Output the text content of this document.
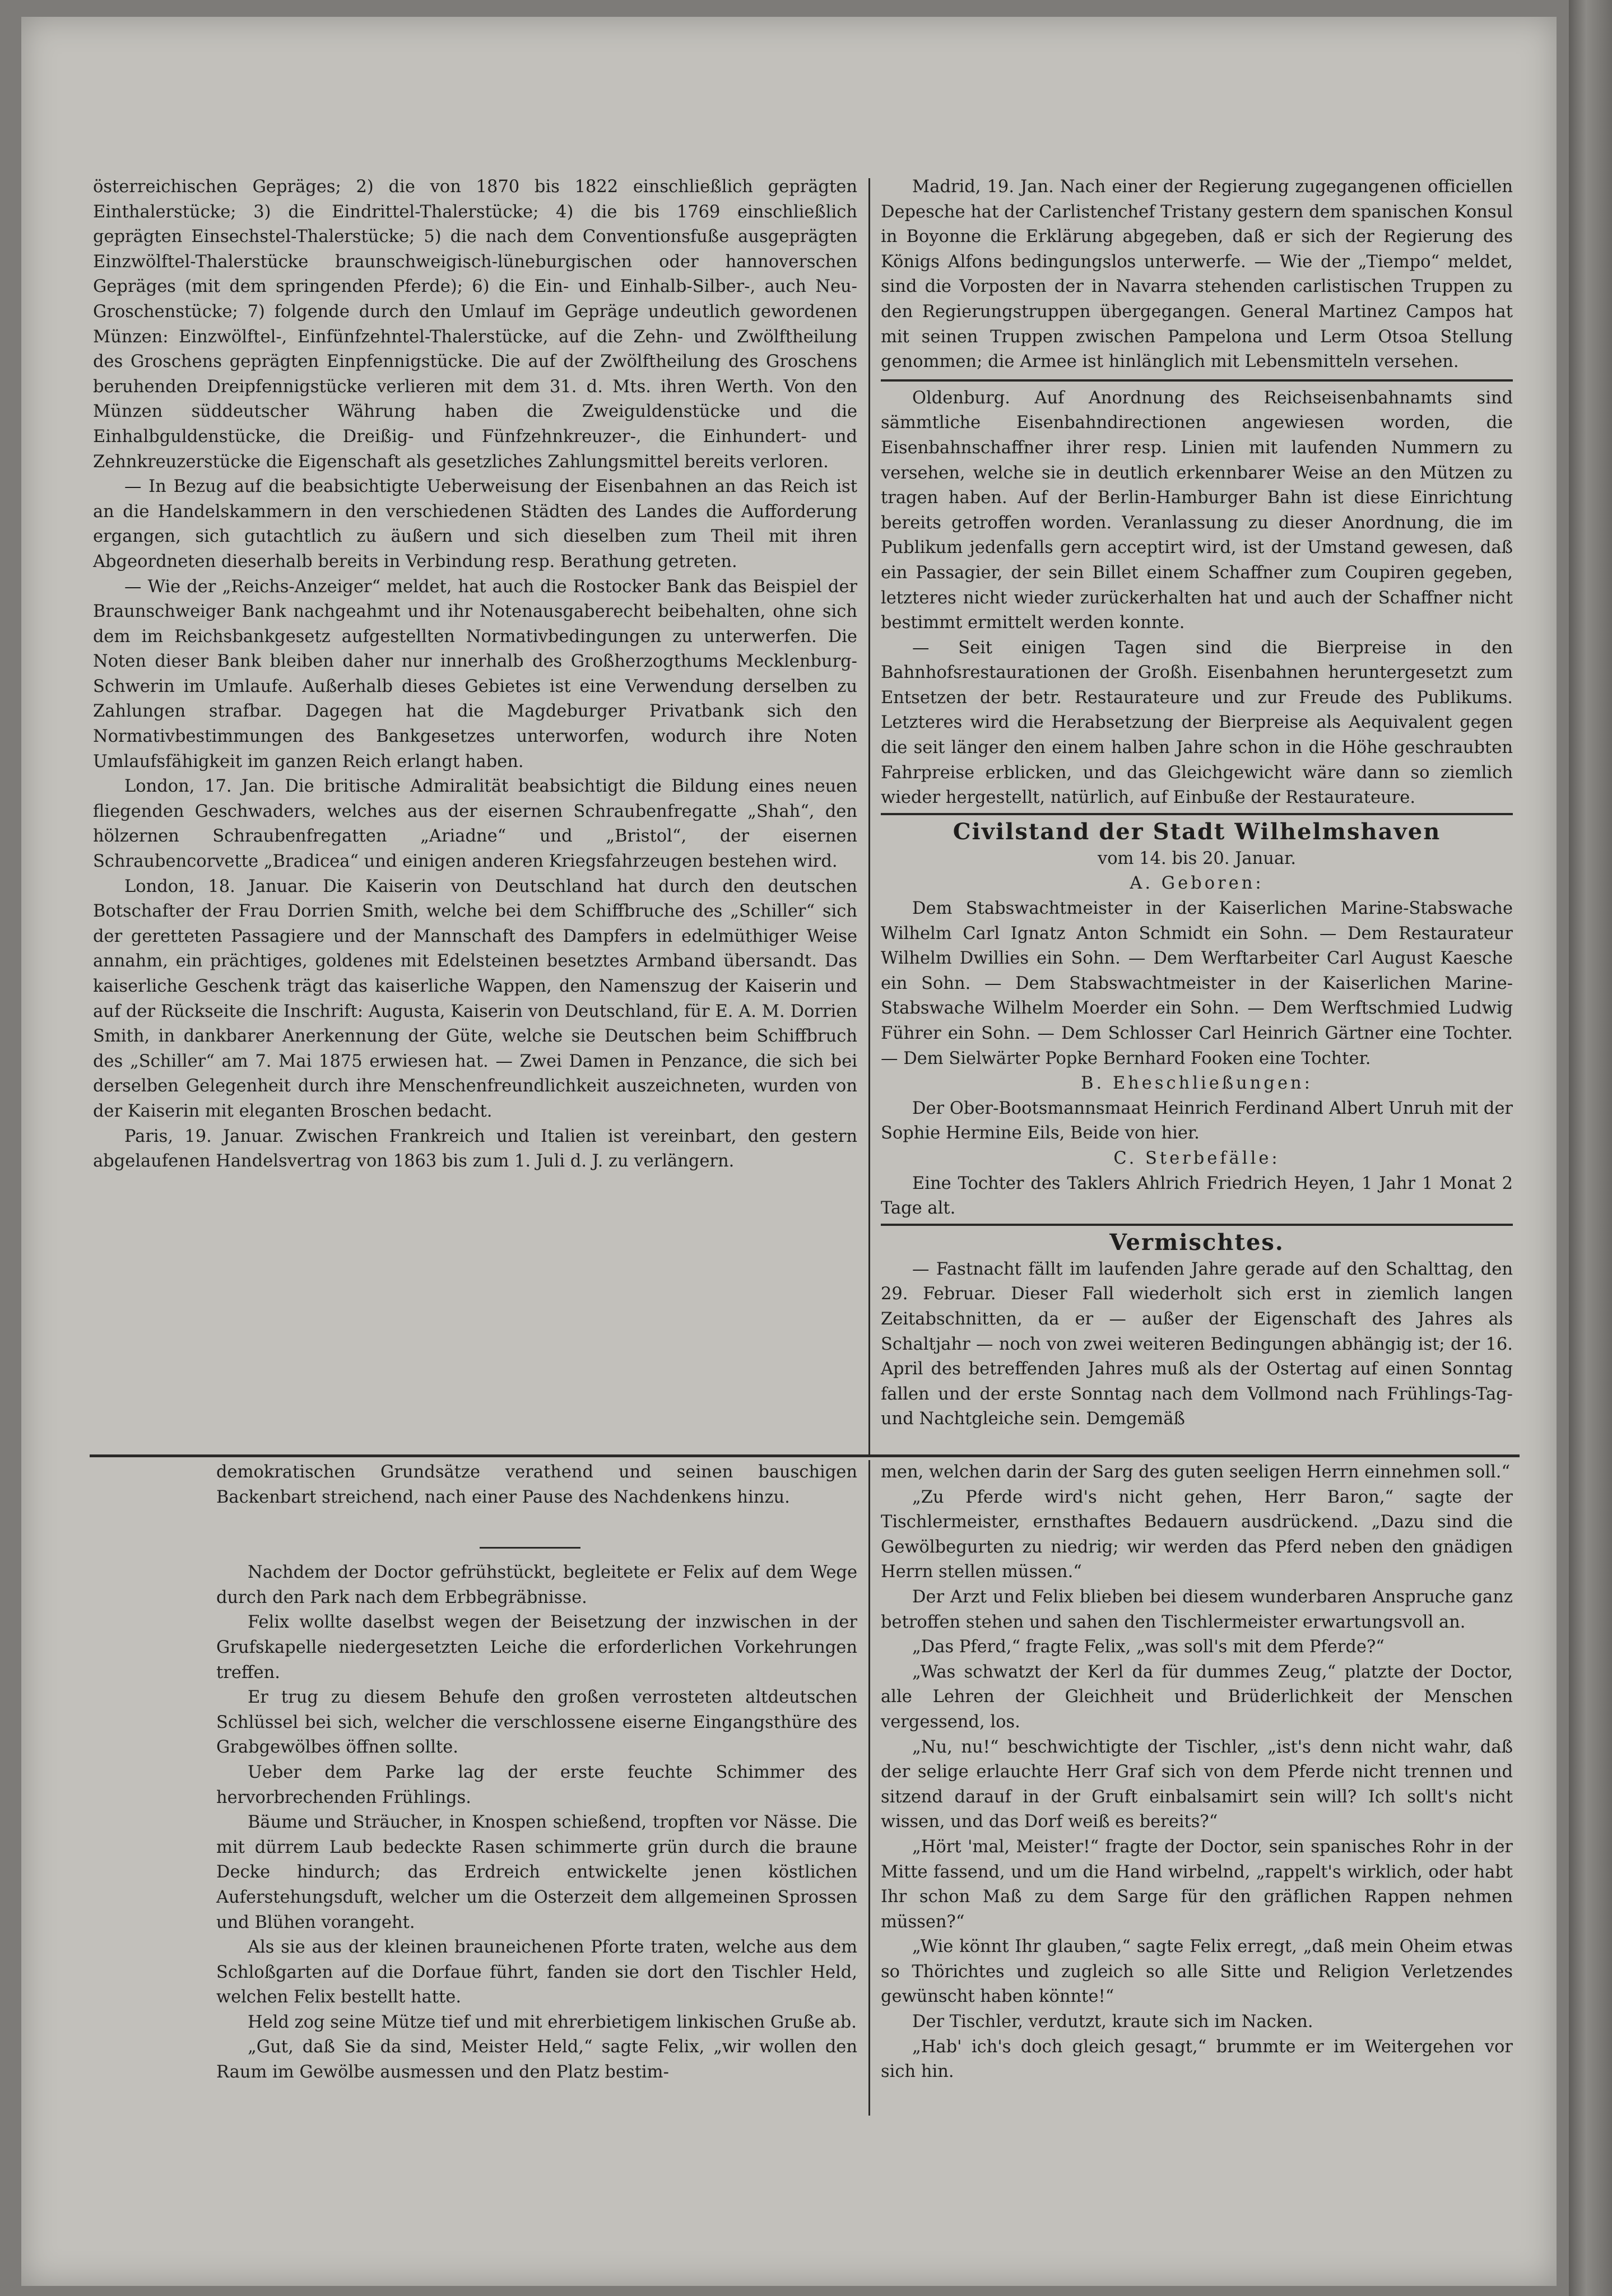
österreichischen Gepräges; 2) die von 1870 bis 1822 einschließlich geprägten Einthalerstücke; 3) die Eindrittel-Thalerstücke; 4) die bis 1769 einschließlich geprägten Einsechstel-Thalerstücke; 5) die nach dem Conventionsfuße ausgeprägten Einzwölftel-Thalerstücke braunschweigisch-lüneburgischen oder hannoverschen Gepräges (mit dem springenden Pferde); 6) die Ein- und Einhalb-Silber-, auch Neu-Groschenstücke; 7) folgende durch den Umlauf im Gepräge undeutlich gewordenen Münzen: Einzwölftel-, Einfünfzehntel-Thalerstücke, auf die Zehn- und Zwölftheilung des Groschens geprägten Einpfennigstücke. Die auf der Zwölftheilung des Groschens beruhenden Dreipfennigstücke verlieren mit dem 31. d. Mts. ihren Werth. Von den Münzen süddeutscher Währung haben die Zweiguldenstücke und die Einhalbguldenstücke, die Dreißig- und Fünfzehnkreuzer-, die Einhundert- und Zehnkreuzerstücke die Eigenschaft als gesetzliches Zahlungsmittel bereits verloren.

— In Bezug auf die beabsichtigte Ueberweisung der Eisenbahnen an das Reich ist an die Handelskammern in den verschiedenen Städten des Landes die Aufforderung ergangen, sich gutachtlich zu äußern und sich dieselben zum Theil mit ihren Abgeordneten dieserhalb bereits in Verbindung resp. Berathung getreten.

— Wie der „Reichs-Anzeiger“ meldet, hat auch die Rostocker Bank das Beispiel der Braunschweiger Bank nachgeahmt und ihr Notenausgaberecht beibehalten, ohne sich dem im Reichsbankgesetz aufgestellten Normativbedingungen zu unterwerfen. Die Noten dieser Bank bleiben daher nur innerhalb des Großherzogthums Mecklenburg-Schwerin im Umlaufe. Außerhalb dieses Gebietes ist eine Verwendung derselben zu Zahlungen strafbar. Dagegen hat die Magdeburger Privatbank sich den Normativbestimmungen des Bankgesetzes unterworfen, wodurch ihre Noten Umlaufsfähigkeit im ganzen Reich erlangt haben.

London, 17. Jan. Die britische Admiralität beabsichtigt die Bildung eines neuen fliegenden Geschwaders, welches aus der eisernen Schraubenfregatte „Shah“, den hölzernen Schraubenfregatten „Ariadne“ und „Bristol“, der eisernen Schraubencorvette „Bradicea“ und einigen anderen Kriegsfahrzeugen bestehen wird.

London, 18. Januar. Die Kaiserin von Deutschland hat durch den deutschen Botschafter der Frau Dorrien Smith, welche bei dem Schiffbruche des „Schiller“ sich der geretteten Passagiere und der Mannschaft des Dampfers in edelmüthiger Weise annahm, ein prächtiges, goldenes mit Edelsteinen besetztes Armband übersandt. Das kaiserliche Geschenk trägt das kaiserliche Wappen, den Namenszug der Kaiserin und auf der Rückseite die Inschrift: Augusta, Kaiserin von Deutschland, für E. A. M. Dorrien Smith, in dankbarer Anerkennung der Güte, welche sie Deutschen beim Schiffbruch des „Schiller“ am 7. Mai 1875 erwiesen hat. — Zwei Damen in Penzance, die sich bei derselben Gelegenheit durch ihre Menschenfreundlichkeit auszeichneten, wurden von der Kaiserin mit eleganten Broschen bedacht.

Paris, 19. Januar. Zwischen Frankreich und Italien ist vereinbart, den gestern abgelaufenen Handelsvertrag von 1863 bis zum 1. Juli d. J. zu verlängern.

Madrid, 19. Jan. Nach einer der Regierung zugegangenen officiellen Depesche hat der Carlistenchef Tristany gestern dem spanischen Konsul in Boyonne die Erklärung abgegeben, daß er sich der Regierung des Königs Alfons bedingungslos unterwerfe. — Wie der „Tiempo“ meldet, sind die Vorposten der in Navarra stehenden carlistischen Truppen zu den Regierungstruppen übergegangen. General Martinez Campos hat mit seinen Truppen zwischen Pampelona und Lerm Otsoa Stellung genommen; die Armee ist hinlänglich mit Lebensmitteln versehen.

Oldenburg. Auf Anordnung des Reichseisenbahnamts sind sämmtliche Eisenbahndirectionen angewiesen worden, die Eisenbahnschaffner ihrer resp. Linien mit laufenden Nummern zu versehen, welche sie in deutlich erkennbarer Weise an den Mützen zu tragen haben. Auf der Berlin-Hamburger Bahn ist diese Einrichtung bereits getroffen worden. Veranlassung zu dieser Anordnung, die im Publikum jedenfalls gern acceptirt wird, ist der Umstand gewesen, daß ein Passagier, der sein Billet einem Schaffner zum Coupiren gegeben, letzteres nicht wieder zurückerhalten hat und auch der Schaffner nicht bestimmt ermittelt werden konnte.

— Seit einigen Tagen sind die Bierpreise in den Bahnhofsrestaurationen der Großh. Eisenbahnen heruntergesetzt zum Entsetzen der betr. Restaurateure und zur Freude des Publikums. Letzteres wird die Herabsetzung der Bierpreise als Aequivalent gegen die seit länger den einem halben Jahre schon in die Höhe geschraubten Fahrpreise erblicken, und das Gleichgewicht wäre dann so ziemlich wieder hergestellt, natürlich, auf Einbuße der Restaurateure.

Civilstand der Stadt Wilhelmshaven

vom 14. bis 20. Januar.

A. Geboren:

Dem Stabswachtmeister in der Kaiserlichen Marine-Stabswache Wilhelm Carl Ignatz Anton Schmidt ein Sohn. — Dem Restaurateur Wilhelm Dwillies ein Sohn. — Dem Werftarbeiter Carl August Kaesche ein Sohn. — Dem Stabswachtmeister in der Kaiserlichen Marine-Stabswache Wilhelm Moerder ein Sohn. — Dem Werftschmied Ludwig Führer ein Sohn. — Dem Schlosser Carl Heinrich Gärtner eine Tochter. — Dem Sielwärter Popke Bernhard Fooken eine Tochter.

B. Eheschließungen:

Der Ober-Bootsmannsmaat Heinrich Ferdinand Albert Unruh mit der Sophie Hermine Eils, Beide von hier.

C. Sterbefälle:

Eine Tochter des Taklers Ahlrich Friedrich Heyen, 1 Jahr 1 Monat 2 Tage alt.

Vermischtes.

— Fastnacht fällt im laufenden Jahre gerade auf den Schalttag, den 29. Februar. Dieser Fall wiederholt sich erst in ziemlich langen Zeitabschnitten, da er — außer der Eigenschaft des Jahres als Schaltjahr — noch von zwei weiteren Bedingungen abhängig ist; der 16. April des betreffenden Jahres muß als der Ostertag auf einen Sonntag fallen und der erste Sonntag nach dem Vollmond nach Frühlings-Tag- und Nachtgleiche sein. Demgemäß

demokratischen Grundsätze verathend und seinen bauschigen Backenbart streichend, nach einer Pause des Nachdenkens hinzu.

Nachdem der Doctor gefrühstückt, begleitete er Felix auf dem Wege durch den Park nach dem Erbbegräbnisse.

Felix wollte daselbst wegen der Beisetzung der inzwischen in der Grufskapelle niedergesetzten Leiche die erforderlichen Vorkehrungen treffen.

Er trug zu diesem Behufe den großen verrosteten altdeutschen Schlüssel bei sich, welcher die verschlossene eiserne Eingangsthüre des Grabgewölbes öffnen sollte.

Ueber dem Parke lag der erste feuchte Schimmer des hervorbrechenden Frühlings.

Bäume und Sträucher, in Knospen schießend, tropften vor Nässe. Die mit dürrem Laub bedeckte Rasen schimmerte grün durch die braune Decke hindurch; das Erdreich entwickelte jenen köstlichen Auferstehungsduft, welcher um die Osterzeit dem allgemeinen Sprossen und Blühen vorangeht.

Als sie aus der kleinen brauneichenen Pforte traten, welche aus dem Schloßgarten auf die Dorfaue führt, fanden sie dort den Tischler Held, welchen Felix bestellt hatte.

Held zog seine Mütze tief und mit ehrerbietigem linkischen Gruße ab.

„Gut, daß Sie da sind, Meister Held,“ sagte Felix, „wir wollen den Raum im Gewölbe ausmessen und den Platz bestim-

men, welchen darin der Sarg des guten seeligen Herrn einnehmen soll.“

„Zu Pferde wird's nicht gehen, Herr Baron,“ sagte der Tischlermeister, ernsthaftes Bedauern ausdrückend. „Dazu sind die Gewölbegurten zu niedrig; wir werden das Pferd neben den gnädigen Herrn stellen müssen.“

Der Arzt und Felix blieben bei diesem wunderbaren Anspruche ganz betroffen stehen und sahen den Tischlermeister erwartungsvoll an.

„Das Pferd,“ fragte Felix, „was soll's mit dem Pferde?“

„Was schwatzt der Kerl da für dummes Zeug,“ platzte der Doctor, alle Lehren der Gleichheit und Brüderlichkeit der Menschen vergessend, los.

„Nu, nu!“ beschwichtigte der Tischler, „ist's denn nicht wahr, daß der selige erlauchte Herr Graf sich von dem Pferde nicht trennen und sitzend darauf in der Gruft einbalsamirt sein will? Ich sollt's nicht wissen, und das Dorf weiß es bereits?“

„Hört 'mal, Meister!“ fragte der Doctor, sein spanisches Rohr in der Mitte fassend, und um die Hand wirbelnd, „rappelt's wirklich, oder habt Ihr schon Maß zu dem Sarge für den gräflichen Rappen nehmen müssen?“

„Wie könnt Ihr glauben,“ sagte Felix erregt, „daß mein Oheim etwas so Thörichtes und zugleich so alle Sitte und Religion Verletzendes gewünscht haben könnte!“

Der Tischler, verdutzt, kraute sich im Nacken.

„Hab' ich's doch gleich gesagt,“ brummte er im Weitergehen vor sich hin.
